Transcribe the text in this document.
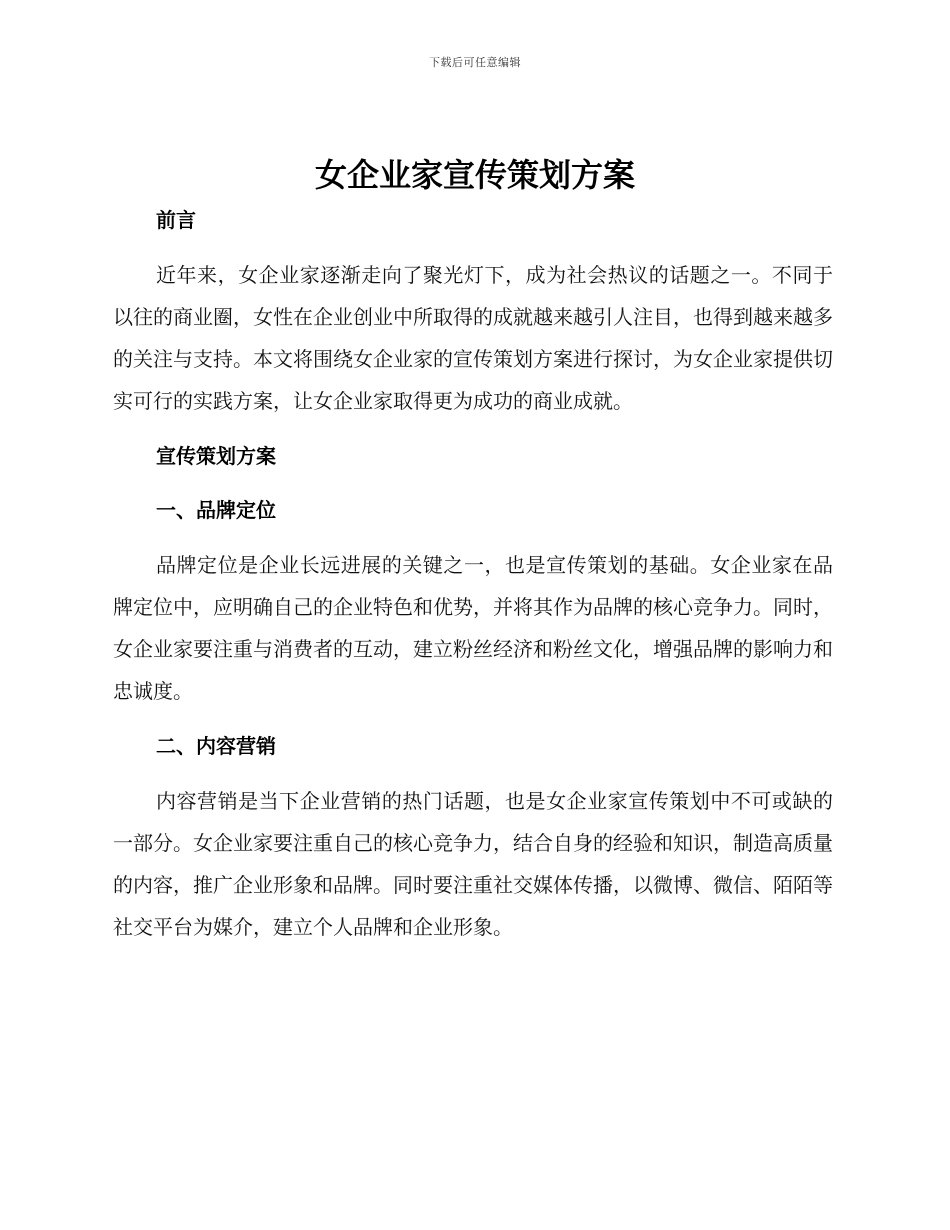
下载后可任意编辑
女企业家宣传策划方案
前言

近年来，女企业家逐渐走向了聚光灯下，成为社会热议的话题之一。不同于以往的商业圈，女性在企业创业中所取得的成就越来越引人注目，也得到越来越多的关注与支持。本文将围绕女企业家的宣传策划方案进行探讨，为女企业家提供切实可行的实践方案，让女企业家取得更为成功的商业成就。

宣传策划方案
一、品牌定位

品牌定位是企业长远进展的关键之一，也是宣传策划的基础。女企业家在品牌定位中，应明确自己的企业特色和优势，并将其作为品牌的核心竞争力。同时，女企业家要注重与消费者的互动，建立粉丝经济和粉丝文化，增强品牌的影响力和忠诚度。

二、内容营销

内容营销是当下企业营销的热门话题，也是女企业家宣传策划中不可或缺的一部分。女企业家要注重自己的核心竞争力，结合自身的经验和知识，制造高质量的内容，推广企业形象和品牌。同时要注重社交媒体传播，以微博、微信、陌陌等社交平台为媒介，建立个人品牌和企业形象。
